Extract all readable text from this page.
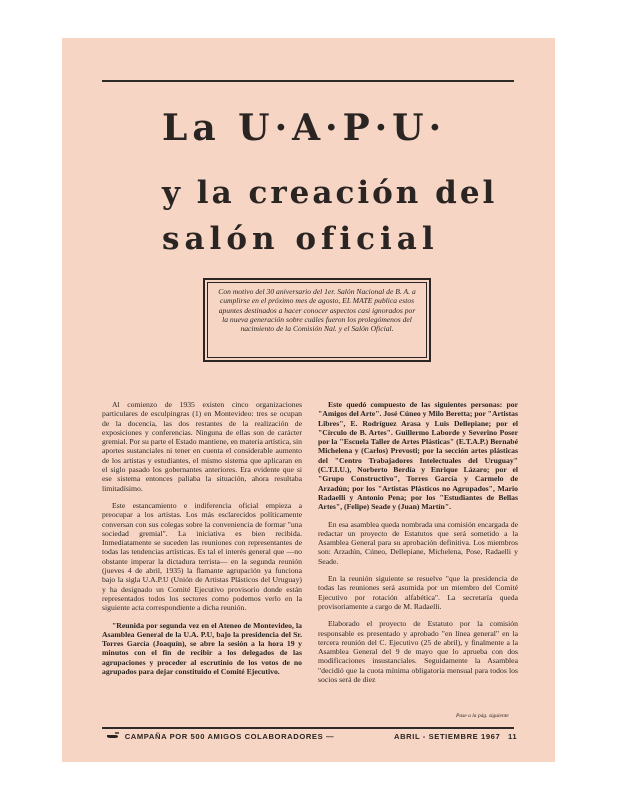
La U·A·P·U·
y la creación del
salón oficial
Con motivo del 30 aniversario del 1er. Salón Nacional de B. A. a cumplirse en el próximo mes de agosto, EL MATE publica estos apuntes destinados a hacer conocer aspectos casi ignorados por la nueva generación sobre cuáles fueron los prolegómenos del nacimiento de la Comisión Nal. y el Salón Oficial.

Al comienzo de 1935 existen cinco organizaciones particulares de esculpingras (1) en Montevideo: tres se ocupan de la docencia, las dos restantes de la realización de exposiciones y conferencias. Ninguna de ellas son de carácter gremial. Por su parte el Estado mantiene, en materia artística, sin aportes sustanciales ni tener en cuenta el considerable aumento de los artistas y estudiantes, el mismo sistema que aplicaran en el siglo pasado los gobernantes anteriores. Era evidente que si ese sistema entonces paliaba la situación, ahora resultaba limitadísimo.

Este estancamiento e indiferencia oficial empieza a preocupar a los artistas. Los más esclarecidos políticamente conversan con sus colegas sobre la conveniencia de formar "una sociedad gremial". La iniciativa es bien recibida. Inmediatamente se suceden las reuniones con representantes de todas las tendencias artísticas. Es tal el interés general que —no obstante imperar la dictadura terrista— en la segunda reunión (jueves 4 de abril, 1935) la flamante agrupación ya funciona bajo la sigla U.A.P.U (Unión de Artistas Plásticos del Uruguay) y ha designado un Comité Ejecutivo provisorio donde están representados todos los sectores como podemos verlo en la siguiente acta correspondiente a dicha reunión.

"Reunida por segunda vez en el Ateneo de Montevideo, la Asamblea General de la U.A. P.U, bajo la presidencia del Sr. Torres García (Joaquín), se abre la sesión a la hora 19 y minutos con el fin de recibir a los delegados de las agrupaciones y proceder al escrutinio de los votos de no agrupados para dejar constituido el Comité Ejecutivo.

Este quedó compuesto de las siguientes personas: por "Amigos del Arte". José Cúneo y Milo Beretta; por "Artistas Libres", E. Rodríguez Arasa y Luis Dellepiane; por el "Círculo de B. Artes". Guillermo Laborde y Severino Poser por la "Escuela Taller de Artes Plásticas" (E.T.A.P.) Bernabé Michelena y (Carlos) Prevosti; por la sección artes plásticas del "Centro Trabajadores Intelectuales del Uruguay" (C.T.I.U.), Norberto Berdía y Enrique Lázaro; por el "Grupo Constructivo", Torres García y Carmelo de Arzadún; por los "Artistas Plásticos no Agrupados", Mario Radaelli y Antonio Pena; por los "Estudiantes de Bellas Artes", (Felipe) Seade y (Juan) Martín".

En esa asamblea queda nombrada una comisión encargada de redactar un proyecto de Estatutos que será sometido a la Asamblea General para su aprobación definitiva. Los miembros son: Arzadún, Cúneo, Dellepiane, Michelena, Pose, Radaelli y Seade.

En la reunión siguiente se resuelve "que la presidencia de todas las reuniones será asumida por un miembro del Comité Ejecutivo por rotación alfabética". La secretaría queda provisoriamente a cargo de M. Radaelli.

Elaborado el proyecto de Estatuto por la comisión responsable es presentado y aprobado "en línea general" en la tercera reunión del C. Ejecutivo (25 de abril), y finalmente a la Asamblea General del 9 de mayo que lo aprueba con dos modificaciones insustanciales. Seguidamente la Asamblea "decidió que la cuota mínima obligatoria mensual para todos los socios será de diez

Pase a la pág. siguiente
CAMPAÑA POR 500 AMIGOS COLABORADORES —	ABRIL - SETIEMBRE 1967 11
